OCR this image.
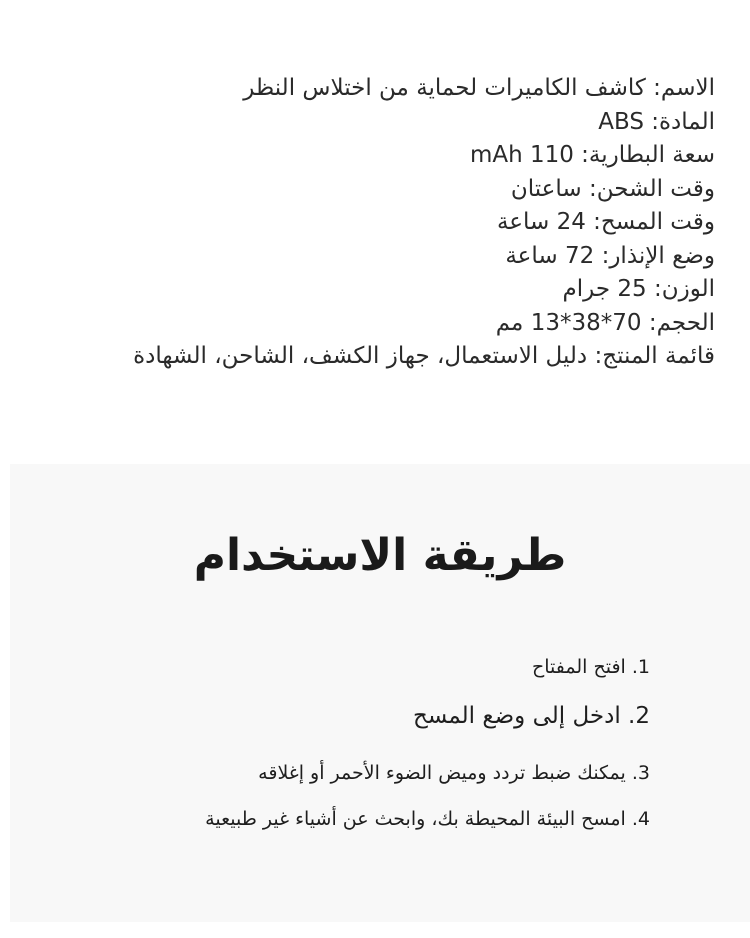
الاسم: كاشف الكاميرات لحماية من اختلاس النظر
المادة: ABS
سعة البطارية: 110 mAh
وقت الشحن: ساعتان
وقت المسح: 24 ساعة
وضع الإنذار: 72 ساعة
الوزن: 25 جرام
الحجم: 70*38*13 مم
قائمة المنتج: دليل الاستعمال، جهاز الكشف، الشاحن، الشهادة
طريقة الاستخدام
1. افتح المفتاح
2. ادخل إلى وضع المسح
3. يمكنك ضبط تردد وميض الضوء الأحمر أو إغلاقه
4. امسح البيئة المحيطة بك، وابحث عن أشياء غير طبيعية
